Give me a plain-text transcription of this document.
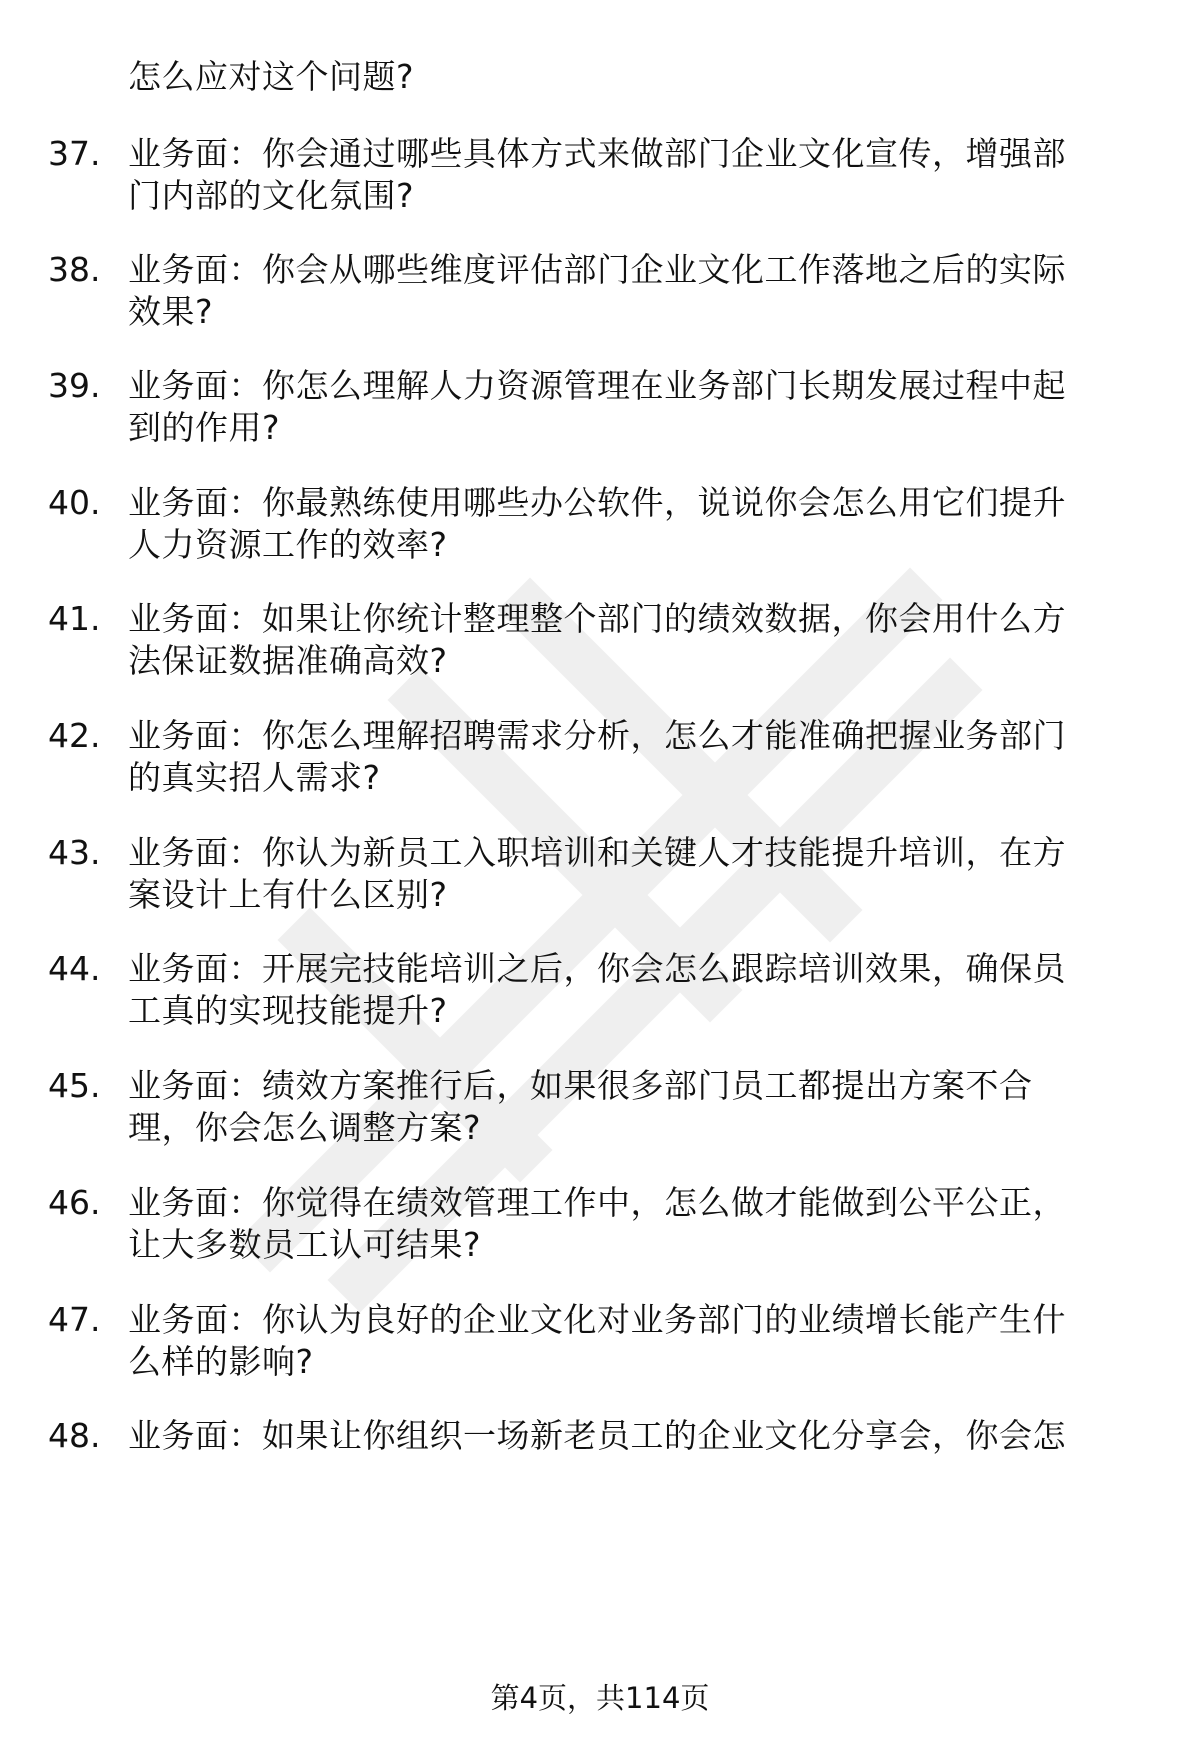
怎么应对这个问题?
37. 业务面：你会通过哪些具体方式来做部门企业文化宣传，增强部
门内部的文化氛围?
38. 业务面：你会从哪些维度评估部门企业文化工作落地之后的实际
效果?
39. 业务面：你怎么理解人力资源管理在业务部门长期发展过程中起
到的作用?
40. 业务面：你最熟练使用哪些办公软件，说说你会怎么用它们提升
人力资源工作的效率?
41. 业务面：如果让你统计整理整个部门的绩效数据，你会用什么方
法保证数据准确高效?
42. 业务面：你怎么理解招聘需求分析，怎么才能准确把握业务部门
的真实招人需求?
43. 业务面：你认为新员工入职培训和关键人才技能提升培训，在方
案设计上有什么区别?
44. 业务面：开展完技能培训之后，你会怎么跟踪培训效果，确保员
工真的实现技能提升?
45. 业务面：绩效方案推行后，如果很多部门员工都提出方案不合
理，你会怎么调整方案?
46. 业务面：你觉得在绩效管理工作中，怎么做才能做到公平公正，
让大多数员工认可结果?
47. 业务面：你认为良好的企业文化对业务部门的业绩增长能产生什
么样的影响?
48. 业务面：如果让你组织一场新老员工的企业文化分享会，你会怎
第4页，共114页
